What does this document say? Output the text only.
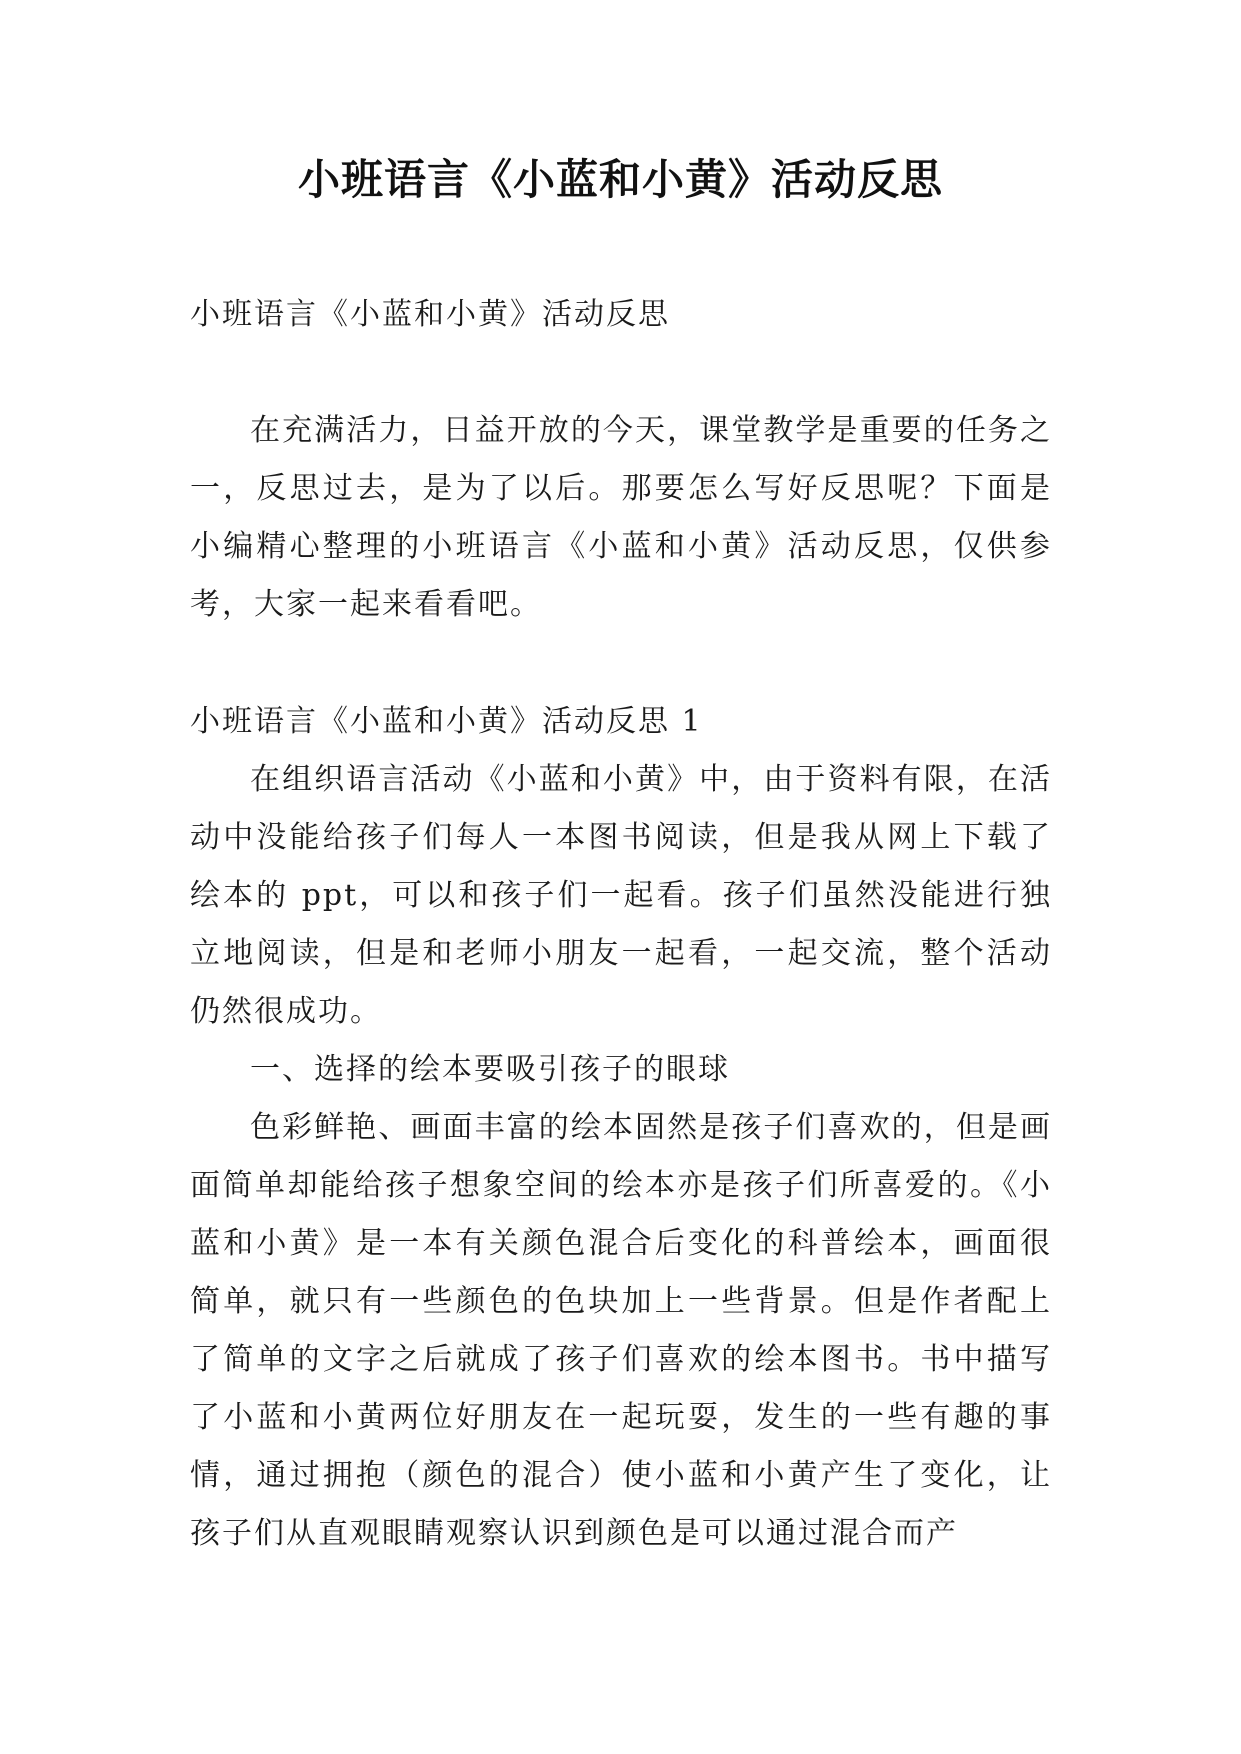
小班语言《小蓝和小黄》活动反思
小班语言《小蓝和小黄》活动反思
在充满活力，日益开放的今天，课堂教学是重要的任务之一，反思过去，是为了以后。那要怎么写好反思呢？下面是小编精心整理的小班语言《小蓝和小黄》活动反思，仅供参考，大家一起来看看吧。
小班语言《小蓝和小黄》活动反思 1
在组织语言活动《小蓝和小黄》中，由于资料有限，在活动中没能给孩子们每人一本图书阅读，但是我从网上下载了绘本的 ppt，可以和孩子们一起看。孩子们虽然没能进行独立地阅读，但是和老师小朋友一起看，一起交流，整个活动仍然很成功。
一、选择的绘本要吸引孩子的眼球
色彩鲜艳、画面丰富的绘本固然是孩子们喜欢的，但是画面简单却能给孩子想象空间的绘本亦是孩子们所喜爱的。《小蓝和小黄》是一本有关颜色混合后变化的科普绘本，画面很简单，就只有一些颜色的色块加上一些背景。但是作者配上了简单的文字之后就成了孩子们喜欢的绘本图书。书中描写了小蓝和小黄两位好朋友在一起玩耍，发生的一些有趣的事情，通过拥抱（颜色的混合）使小蓝和小黄产生了变化，让孩子们从直观眼睛观察认识到颜色是可以通过混合而产
